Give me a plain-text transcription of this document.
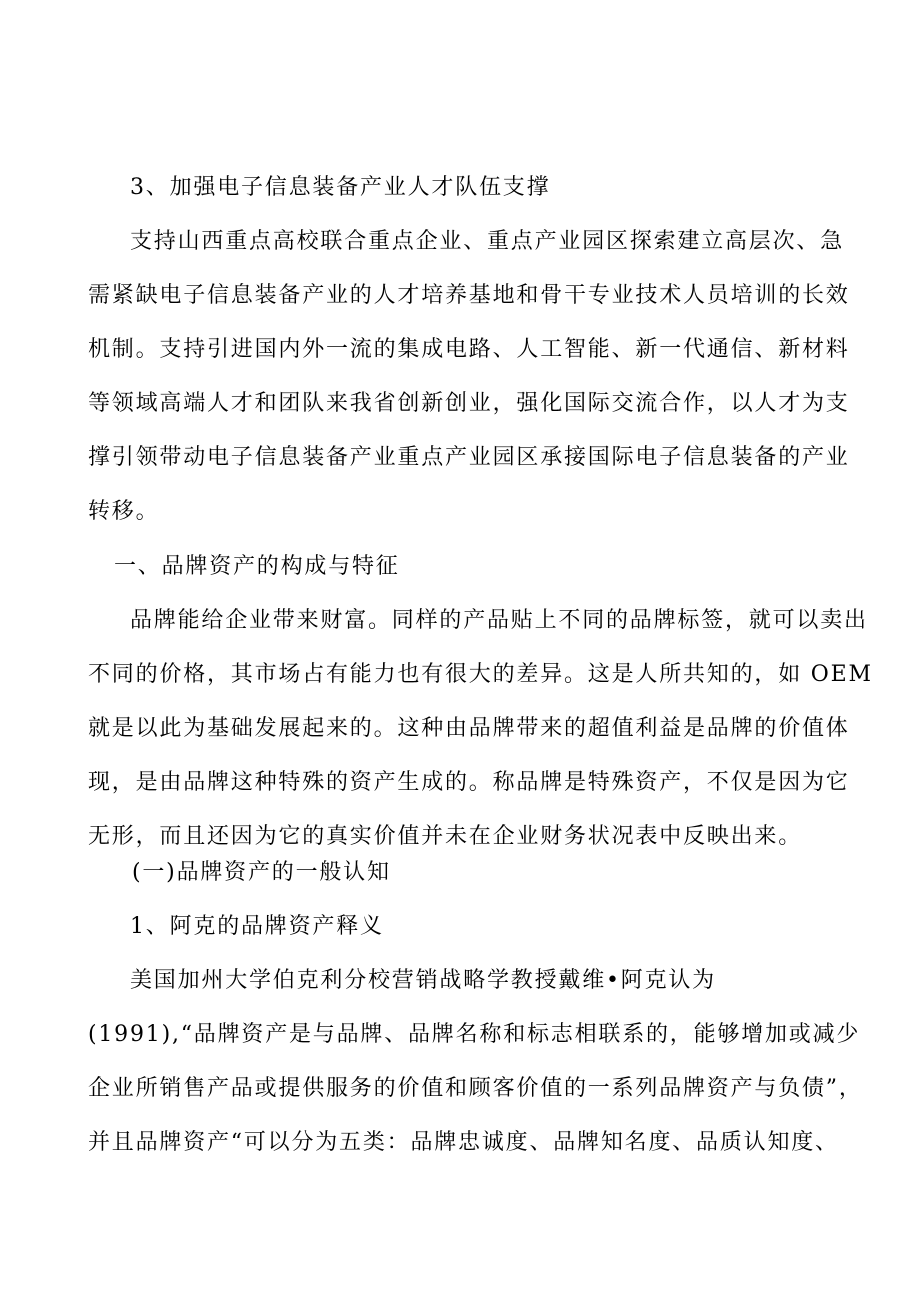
3、加强电子信息装备产业人才队伍支撑
支持山西重点高校联合重点企业、重点产业园区探索建立高层次、急
需紧缺电子信息装备产业的人才培养基地和骨干专业技术人员培训的长效
机制。支持引进国内外一流的集成电路、人工智能、新一代通信、新材料
等领域高端人才和团队来我省创新创业，强化国际交流合作，以人才为支
撑引领带动电子信息装备产业重点产业园区承接国际电子信息装备的产业
转移。
一、品牌资产的构成与特征
品牌能给企业带来财富。同样的产品贴上不同的品牌标签，就可以卖出
不同的价格，其市场占有能力也有很大的差异。这是人所共知的，如 OEM
就是以此为基础发展起来的。这种由品牌带来的超值利益是品牌的价值体
现，是由品牌这种特殊的资产生成的。称品牌是特殊资产，不仅是因为它
无形，而且还因为它的真实价值并未在企业财务状况表中反映出来。
(一)品牌资产的一般认知
1、阿克的品牌资产释义
美国加州大学伯克利分校营销战略学教授戴维•阿克认为
(1991),“品牌资产是与品牌、品牌名称和标志相联系的，能够增加或减少
企业所销售产品或提供服务的价值和顾客价值的一系列品牌资产与负债”，
并且品牌资产“可以分为五类：品牌忠诚度、品牌知名度、品质认知度、
